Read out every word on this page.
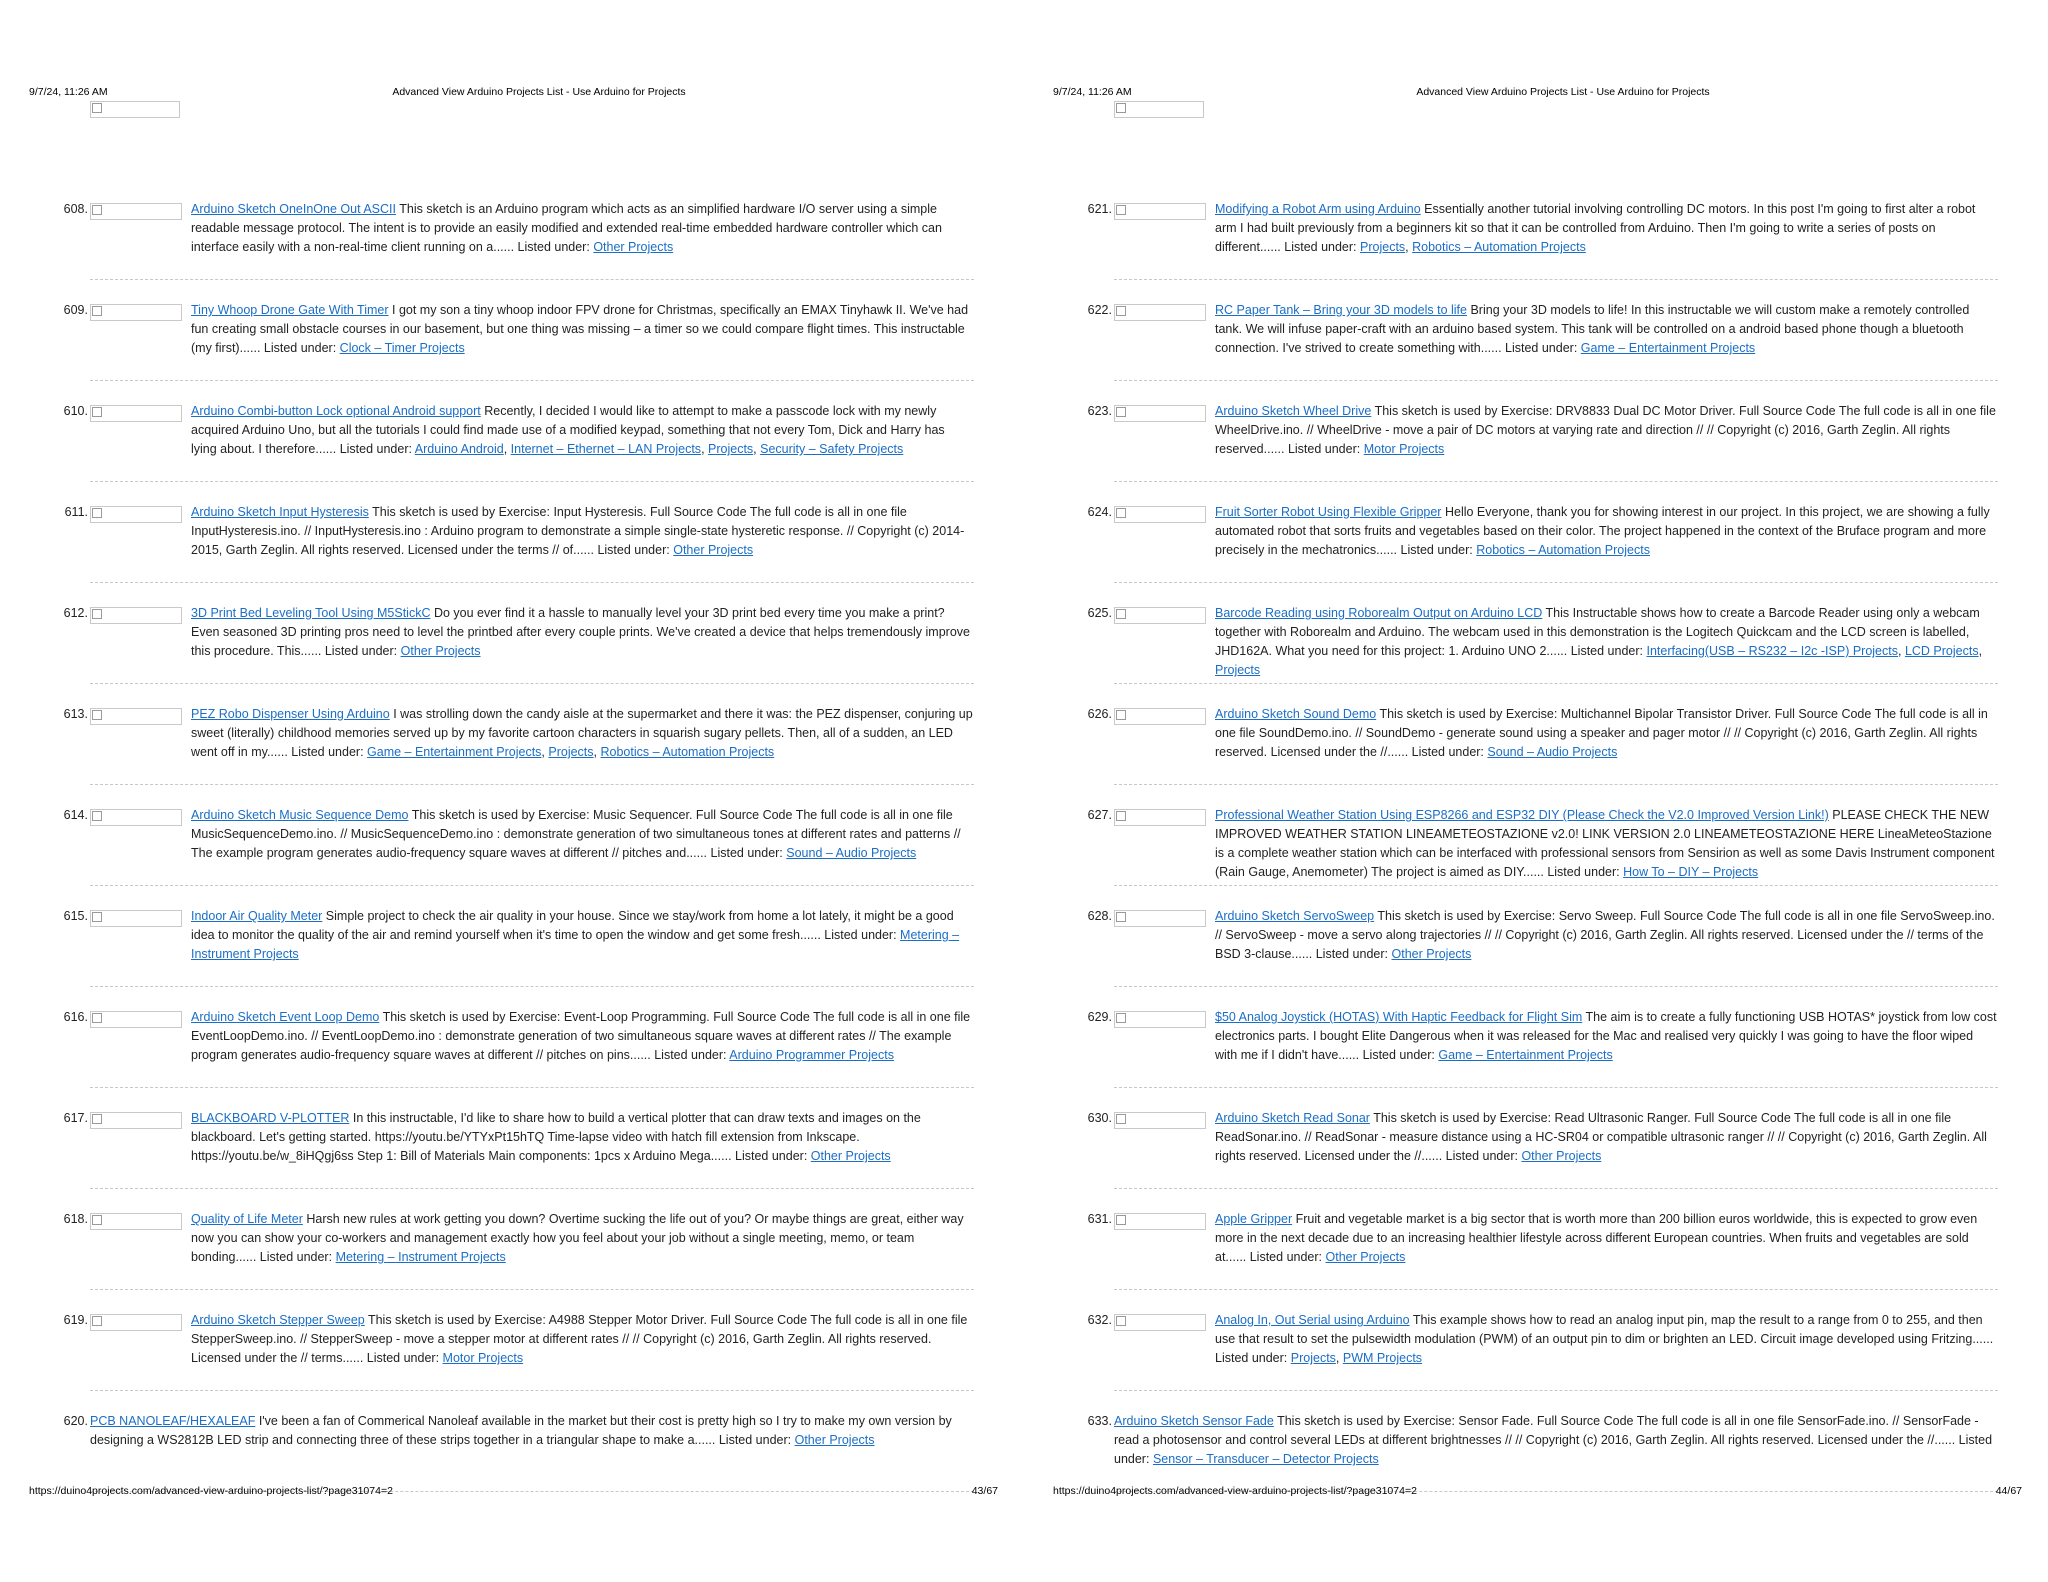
9/7/24, 11:26 AM	Advanced View Arduino Projects List - Use Arduino for Projects
608.	Arduino Sketch OneInOne Out ASCII This sketch is an Arduino program which acts as an simplified hardware I/O server using a simple readable message protocol. The intent is to provide an easily modified and extended real-time embedded hardware controller which can interface easily with a non-real-time client running on a...... Listed under: Other Projects
609.	Tiny Whoop Drone Gate With Timer I got my son a tiny whoop indoor FPV drone for Christmas, specifically an EMAX Tinyhawk II. We've had fun creating small obstacle courses in our basement, but one thing was missing – a timer so we could compare flight times. This instructable (my first)...... Listed under: Clock – Timer Projects
610.	Arduino Combi-button Lock optional Android support Recently, I decided I would like to attempt to make a passcode lock with my newly acquired Arduino Uno, but all the tutorials I could find made use of a modified keypad, something that not every Tom, Dick and Harry has lying about. I therefore...... Listed under: Arduino Android, Internet – Ethernet – LAN Projects, Projects, Security – Safety Projects
611.	Arduino Sketch Input Hysteresis This sketch is used by Exercise: Input Hysteresis. Full Source Code The full code is all in one file InputHysteresis.ino. // InputHysteresis.ino : Arduino program to demonstrate a simple single-state hysteretic response. // Copyright (c) 2014-2015, Garth Zeglin. All rights reserved. Licensed under the terms // of...... Listed under: Other Projects
612.	3D Print Bed Leveling Tool Using M5StickC Do you ever find it a hassle to manually level your 3D print bed every time you make a print? Even seasoned 3D printing pros need to level the printbed after every couple prints. We've created a device that helps tremendously improve this procedure. This...... Listed under: Other Projects
613.	PEZ Robo Dispenser Using Arduino I was strolling down the candy aisle at the supermarket and there it was: the PEZ dispenser, conjuring up sweet (literally) childhood memories served up by my favorite cartoon characters in squarish sugary pellets. Then, all of a sudden, an LED went off in my...... Listed under: Game – Entertainment Projects, Projects, Robotics – Automation Projects
614.	Arduino Sketch Music Sequence Demo This sketch is used by Exercise: Music Sequencer. Full Source Code The full code is all in one file MusicSequenceDemo.ino. // MusicSequenceDemo.ino : demonstrate generation of two simultaneous tones at different rates and patterns // The example program generates audio-frequency square waves at different // pitches and...... Listed under: Sound – Audio Projects
615.	Indoor Air Quality Meter Simple project to check the air quality in your house. Since we stay/work from home a lot lately, it might be a good idea to monitor the quality of the air and remind yourself when it's time to open the window and get some fresh...... Listed under: Metering – Instrument Projects
616.	Arduino Sketch Event Loop Demo This sketch is used by Exercise: Event-Loop Programming. Full Source Code The full code is all in one file EventLoopDemo.ino. // EventLoopDemo.ino : demonstrate generation of two simultaneous square waves at different rates // The example program generates audio-frequency square waves at different // pitches on pins...... Listed under: Arduino Programmer Projects
617.	BLACKBOARD V-PLOTTER In this instructable, I'd like to share how to build a vertical plotter that can draw texts and images on the blackboard. Let's getting started. https://youtu.be/YTYxPt15hTQ Time-lapse video with hatch fill extension from Inkscape. https://youtu.be/w_8iHQgj6ss Step 1: Bill of Materials Main components: 1pcs x Arduino Mega...... Listed under: Other Projects
618.	Quality of Life Meter Harsh new rules at work getting you down? Overtime sucking the life out of you? Or maybe things are great, either way now you can show your co-workers and management exactly how you feel about your job without a single meeting, memo, or team bonding...... Listed under: Metering – Instrument Projects
619.	Arduino Sketch Stepper Sweep This sketch is used by Exercise: A4988 Stepper Motor Driver. Full Source Code The full code is all in one file StepperSweep.ino. // StepperSweep - move a stepper motor at different rates // // Copyright (c) 2016, Garth Zeglin. All rights reserved. Licensed under the // terms...... Listed under: Motor Projects
620. PCB NANOLEAF/HEXALEAF I've been a fan of Commerical Nanoleaf available in the market but their cost is pretty high so I try to make my own version by designing a WS2812B LED strip and connecting three of these strips together in a triangular shape to make a...... Listed under: Other Projects
https://duino4projects.com/advanced-view-arduino-projects-list/?page31074=2	43/67
9/7/24, 11:26 AM	Advanced View Arduino Projects List - Use Arduino for Projects
621.	Modifying a Robot Arm using Arduino Essentially another tutorial involving controlling DC motors. In this post I'm going to first alter a robot arm I had built previously from a beginners kit so that it can be controlled from Arduino. Then I'm going to write a series of posts on different...... Listed under: Projects, Robotics – Automation Projects
622.	RC Paper Tank – Bring your 3D models to life Bring your 3D models to life! In this instructable we will custom make a remotely controlled tank. We will infuse paper-craft with an arduino based system. This tank will be controlled on a android based phone though a bluetooth connection. I've strived to create something with...... Listed under: Game – Entertainment Projects
623.	Arduino Sketch Wheel Drive This sketch is used by Exercise: DRV8833 Dual DC Motor Driver. Full Source Code The full code is all in one file WheelDrive.ino. // WheelDrive - move a pair of DC motors at varying rate and direction // // Copyright (c) 2016, Garth Zeglin. All rights reserved...... Listed under: Motor Projects
624.	Fruit Sorter Robot Using Flexible Gripper Hello Everyone, thank you for showing interest in our project. In this project, we are showing a fully automated robot that sorts fruits and vegetables based on their color. The project happened in the context of the Bruface program and more precisely in the mechatronics...... Listed under: Robotics – Automation Projects
625.	Barcode Reading using Roborealm Output on Arduino LCD This Instructable shows how to create a Barcode Reader using only a webcam together with Roborealm and Arduino. The webcam used in this demonstration is the Logitech Quickcam and the LCD screen is labelled, JHD162A. What you need for this project: 1. Arduino UNO 2...... Listed under: Interfacing(USB – RS232 – I2c -ISP) Projects, LCD Projects, Projects
626.	Arduino Sketch Sound Demo This sketch is used by Exercise: Multichannel Bipolar Transistor Driver. Full Source Code The full code is all in one file SoundDemo.ino. // SoundDemo - generate sound using a speaker and pager motor // // Copyright (c) 2016, Garth Zeglin. All rights reserved. Licensed under the //...... Listed under: Sound – Audio Projects
627.	Professional Weather Station Using ESP8266 and ESP32 DIY (Please Check the V2.0 Improved Version Link!) PLEASE CHECK THE NEW IMPROVED WEATHER STATION LINEAMETEOSTAZIONE v2.0! LINK VERSION 2.0 LINEAMETEOSTAZIONE HERE LineaMeteoStazione is a complete weather station which can be interfaced with professional sensors from Sensirion as well as some Davis Instrument component (Rain Gauge, Anemometer) The project is aimed as DIY...... Listed under: How To – DIY – Projects
628.	Arduino Sketch ServoSweep This sketch is used by Exercise: Servo Sweep. Full Source Code The full code is all in one file ServoSweep.ino. // ServoSweep - move a servo along trajectories // // Copyright (c) 2016, Garth Zeglin. All rights reserved. Licensed under the // terms of the BSD 3-clause...... Listed under: Other Projects
629.	$50 Analog Joystick (HOTAS) With Haptic Feedback for Flight Sim The aim is to create a fully functioning USB HOTAS* joystick from low cost electronics parts. I bought Elite Dangerous when it was released for the Mac and realised very quickly I was going to have the floor wiped with me if I didn't have...... Listed under: Game – Entertainment Projects
630.	Arduino Sketch Read Sonar This sketch is used by Exercise: Read Ultrasonic Ranger. Full Source Code The full code is all in one file ReadSonar.ino. // ReadSonar - measure distance using a HC-SR04 or compatible ultrasonic ranger // // Copyright (c) 2016, Garth Zeglin. All rights reserved. Licensed under the //...... Listed under: Other Projects
631.	Apple Gripper Fruit and vegetable market is a big sector that is worth more than 200 billion euros worldwide, this is expected to grow even more in the next decade due to an increasing healthier lifestyle across different European countries. When fruits and vegetables are sold at...... Listed under: Other Projects
632.	Analog In, Out Serial using Arduino This example shows how to read an analog input pin, map the result to a range from 0 to 255, and then use that result to set the pulsewidth modulation (PWM) of an output pin to dim or brighten an LED. Circuit image developed using Fritzing...... Listed under: Projects, PWM Projects
633. Arduino Sketch Sensor Fade This sketch is used by Exercise: Sensor Fade. Full Source Code The full code is all in one file SensorFade.ino. // SensorFade - read a photosensor and control several LEDs at different brightnesses // // Copyright (c) 2016, Garth Zeglin. All rights reserved. Licensed under the //...... Listed under: Sensor – Transducer – Detector Projects
https://duino4projects.com/advanced-view-arduino-projects-list/?page31074=2	44/67
